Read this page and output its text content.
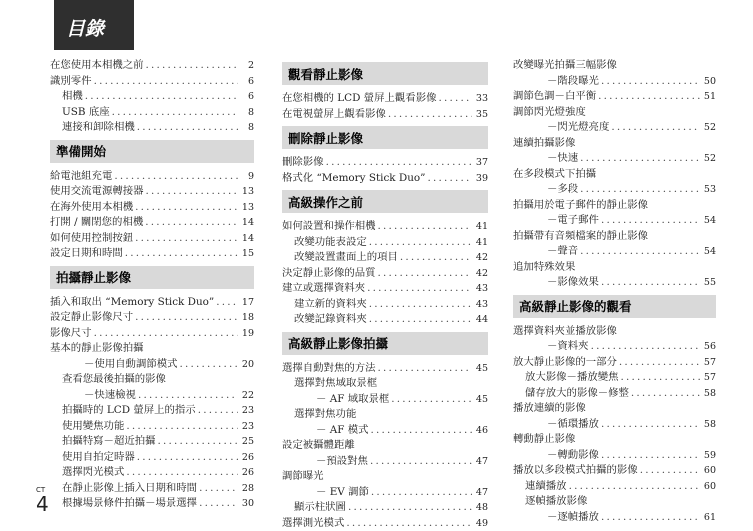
目錄
在您使用本相機之前 .....	2
識別零件 .....	6
相機 .....	6
USB 底座 .....	8
連接和卸除相機 .....	8
準備開始
給電池組充電 .....	9
使用交流電源轉接器 .....	13
在海外使用本相機 .....	13
打開 / 關閉您的相機 .....	14
如何使用控制按鈕 .....	14
設定日期和時間 .....	15
拍攝靜止影像
插入和取出 “Memory Stick Duo” .....	17
設定靜止影像尺寸 .....	18
影像尺寸 .....	19
基本的靜止影像拍攝
－使用自動調節模式 .....	20
查看您最後拍攝的影像
－快速檢視 .....	22
拍攝時的 LCD 螢屏上的指示 .....	23
使用變焦功能 .....	23
拍攝特寫－超近拍攝 .....	25
使用自拍定時器 .....	26
選擇閃光模式 .....	26
在靜止影像上插入日期和時間 .....	28
根據場景條件拍攝－場景選擇 .....	30
觀看靜止影像
在您相機的 LCD 螢屏上觀看影像 .....	33
在電視螢屏上觀看影像 .....	35
刪除靜止影像
刪除影像 .....	37
格式化 “Memory Stick Duo” .....	39
高級操作之前
如何設置和操作相機 .....	41
改變功能表設定 .....	41
改變設置畫面上的項目 .....	42
決定靜止影像的品質 .....	42
建立或選擇資料夾 .....	43
建立新的資料夾 .....	43
改變記錄資料夾 .....	44
高級靜止影像拍攝
選擇自動對焦的方法 .....	45
選擇對焦域取景框
－ AF 域取景框 .....	45
選擇對焦功能
－ AF 模式 .....	46
設定被攝體距離
－預設對焦 .....	47
調節曝光
－ EV 調節 .....	47
顯示柱狀圖 .....	48
選擇測光模式 .....	49
改變曝光拍攝三幅影像
－階段曝光 .....	50
調節色調－白平衡 .....	51
調節閃光燈強度
－閃光燈亮度 .....	52
連續拍攝影像
－快速 .....	52
在多段模式下拍攝
－多段 .....	53
拍攝用於電子郵件的靜止影像
－電子郵件 .....	54
拍攝帶有音頻檔案的靜止影像
－聲音 .....	54
追加特殊效果
－影像效果 .....	55
高級靜止影像的觀看
選擇資料夾並播放影像
－資料夾 .....	56
放大靜止影像的一部分 .....	57
放大影像－播放變焦 .....	57
儲存放大的影像－修整 .....	58
播放連續的影像
－循環播放 .....	58
轉動靜止影像
－轉動影像 .....	59
播放以多段模式拍攝的影像 .....	60
連續播放 .....	60
逐幀播放影像
－逐幀播放 .....	61
CT
4
